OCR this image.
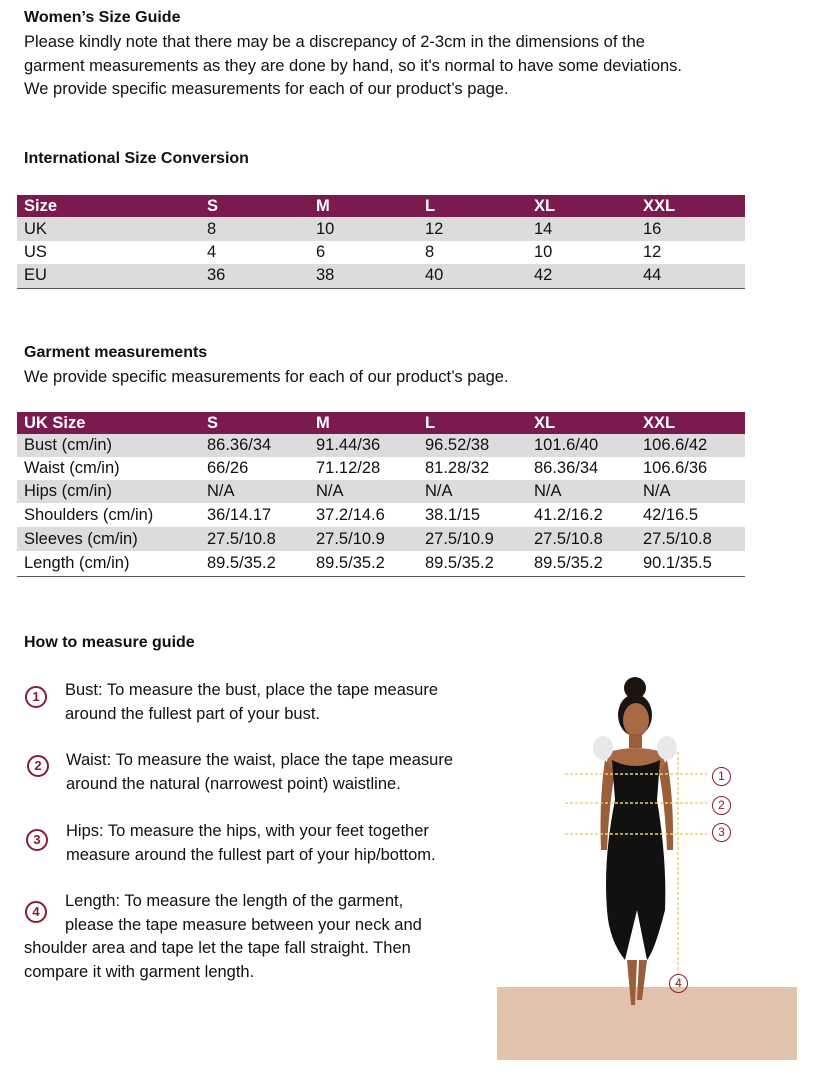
Women’s Size Guide
Please kindly note that there may be a discrepancy of 2-3cm in the dimensions of the
garment measurements as they are done by hand, so it's normal to have some deviations.
We provide specific measurements for each of our product’s page.
International Size Conversion
Size	S	M	L	XL	XXL
UK	8	10	12	14	16
US	4	6	8	10	12
EU	36	38	40	42	44
Garment measurements
We provide specific measurements for each of our product’s page.
UK Size	S	M	L	XL	XXL
Bust (cm/in)	86.36/34	91.44/36	96.52/38	101.6/40	106.6/42
Waist (cm/in)	66/26	71.12/28	81.28/32	86.36/34	106.6/36
Hips (cm/in)	N/A	N/A	N/A	N/A	N/A
Shoulders (cm/in)	36/14.17	37.2/14.6	38.1/15	41.2/16.2	42/16.5
Sleeves (cm/in)	27.5/10.8	27.5/10.9	27.5/10.9	27.5/10.8	27.5/10.8
Length (cm/in)	89.5/35.2	89.5/35.2	89.5/35.2	89.5/35.2	90.1/35.5
How to measure guide
1	Bust: To measure the bust, place the tape measure
around the fullest part of your bust.
2	Waist: To measure the waist, place the tape measure
around the natural (narrowest point) waistline.
3	Hips: To measure the hips, with your feet together
measure around the fullest part of your hip/bottom.
4
Length: To measure the length of the garment,
please the tape measure between your neck and
shoulder area and tape let the tape fall straight. Then
compare it with garment length.
1
2
3
4
